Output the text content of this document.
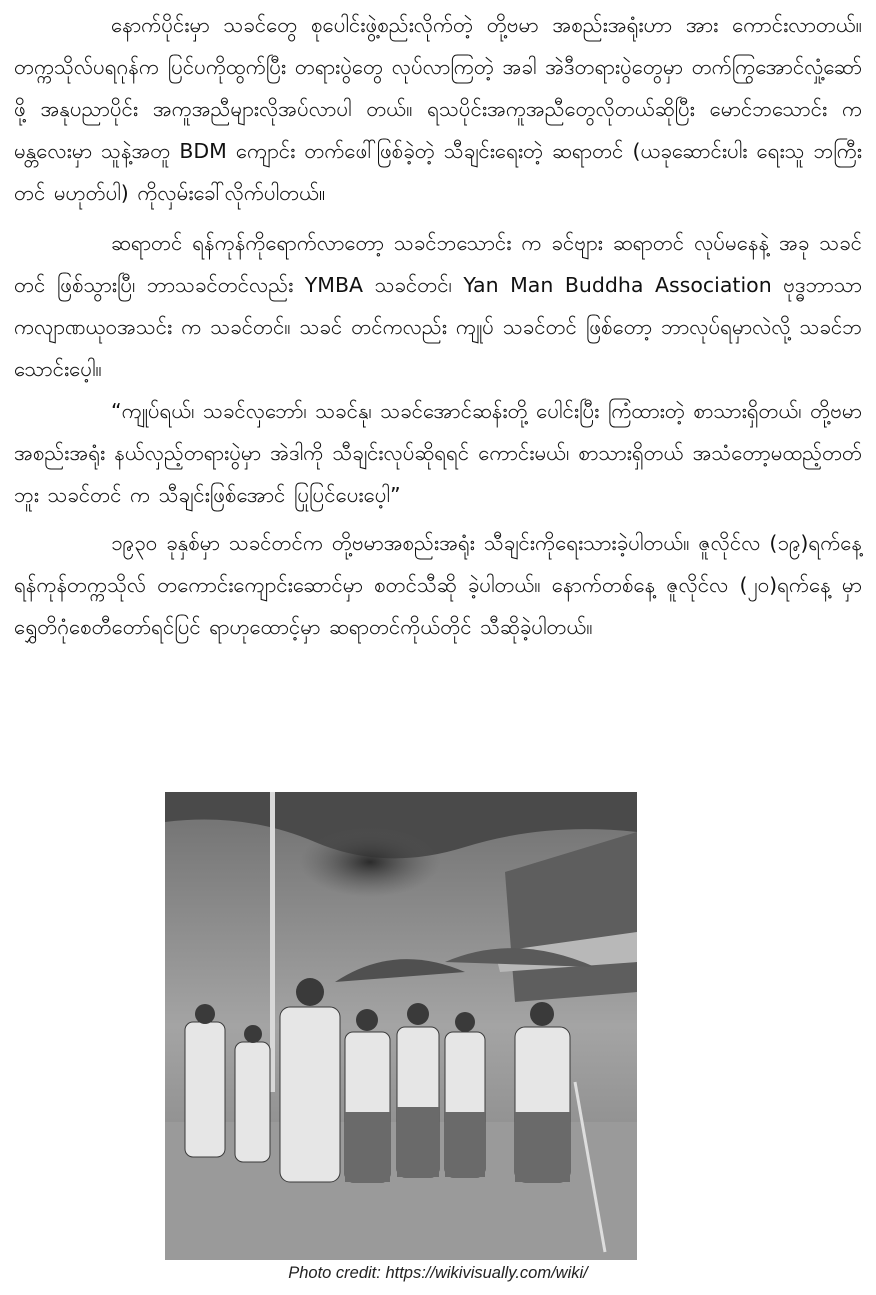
နောက်ပိုင်းမှာ သခင်တွေ စုပေါင်းဖွဲ့စည်းလိုက်တဲ့ တို့ဗမာ အစည်းအရုံးဟာ အား ကောင်းလာတယ်။ တက္ကသိုလ်ပရဂုန်က ပြင်ပကိုထွက်ပြီး တရားပွဲတွေ လုပ်လာကြတဲ့ အခါ အဲဒီတရားပွဲတွေမှာ တက်ကြွအောင်လှုံ့ဆော်ဖို့ အနုပညာပိုင်း အကူအညီများလိုအပ်လာပါ တယ်။ ရသပိုင်းအကူအညီတွေလိုတယ်ဆိုပြီး မောင်ဘသောင်း က မန္တလေးမှာ သူနဲ့အတူ BDM ကျောင်း တက်ဖေါ်ဖြစ်ခဲ့တဲ့ သီချင်းရေးတဲ့ ဆရာတင် (ယခုဆောင်းပါး ရေးသူ ဘကြီးတင် မဟုတ်ပါ) ကိုလှမ်းခေါ်လိုက်ပါတယ်။

ဆရာတင် ရန်ကုန်ကိုရောက်လာတော့ သခင်ဘသောင်း က ခင်ဗျား ဆရာတင် လုပ်မနေနဲ့ အခု သခင်တင် ဖြစ်သွားပြီ၊ ဘာသခင်တင်လည်း YMBA သခင်တင်၊ Yan Man Buddha Association ဗုဒ္ဓဘာသာ ကလျာဏယုဝအသင်း က သခင်တင်။ သခင် တင်ကလည်း ကျုပ် သခင်တင် ဖြစ်တော့ ဘာလုပ်ရမှာလဲလို့ သခင်ဘသောင်းပေ့ါ။

“ကျုပ်ရယ်၊ သခင်လှဘော်၊ သခင်နု၊ သခင်အောင်ဆန်းတို့ ပေါင်းပြီး ကြံထားတဲ့ စာသားရှိတယ်၊ တို့ဗမာအစည်းအရုံး နယ်လှည့်တရားပွဲမှာ အဲဒါကို သီချင်းလုပ်ဆိုရရင် ကောင်းမယ်၊ စာသားရှိတယ် အသံတော့မထည့်တတ်ဘူး သခင်တင် က သီချင်းဖြစ်အောင် ပြုပြင်ပေးပေ့ါ”

၁၉၃၀ ခုနှစ်မှာ သခင်တင်က တို့ဗမာအစည်းအရုံး သီချင်းကိုရေးသားခဲ့ပါတယ်။ ဇူလိုင်လ (၁၉)ရက်နေ့ ရန်ကုန်တက္ကသိုလ် တကောင်းကျောင်းဆောင်မှာ စတင်သီဆို ခဲ့ပါတယ်။ နောက်တစ်နေ့ ဇူလိုင်လ (၂၀)ရက်နေ့ မှာ ရွှေတိဂုံစေတီတော်ရင်ပြင် ရာဟုထောင့်မှာ ဆရာတင်ကိုယ်တိုင် သီဆိုခဲ့ပါတယ်။

Photo credit: https://wikivisually.com/wiki/
